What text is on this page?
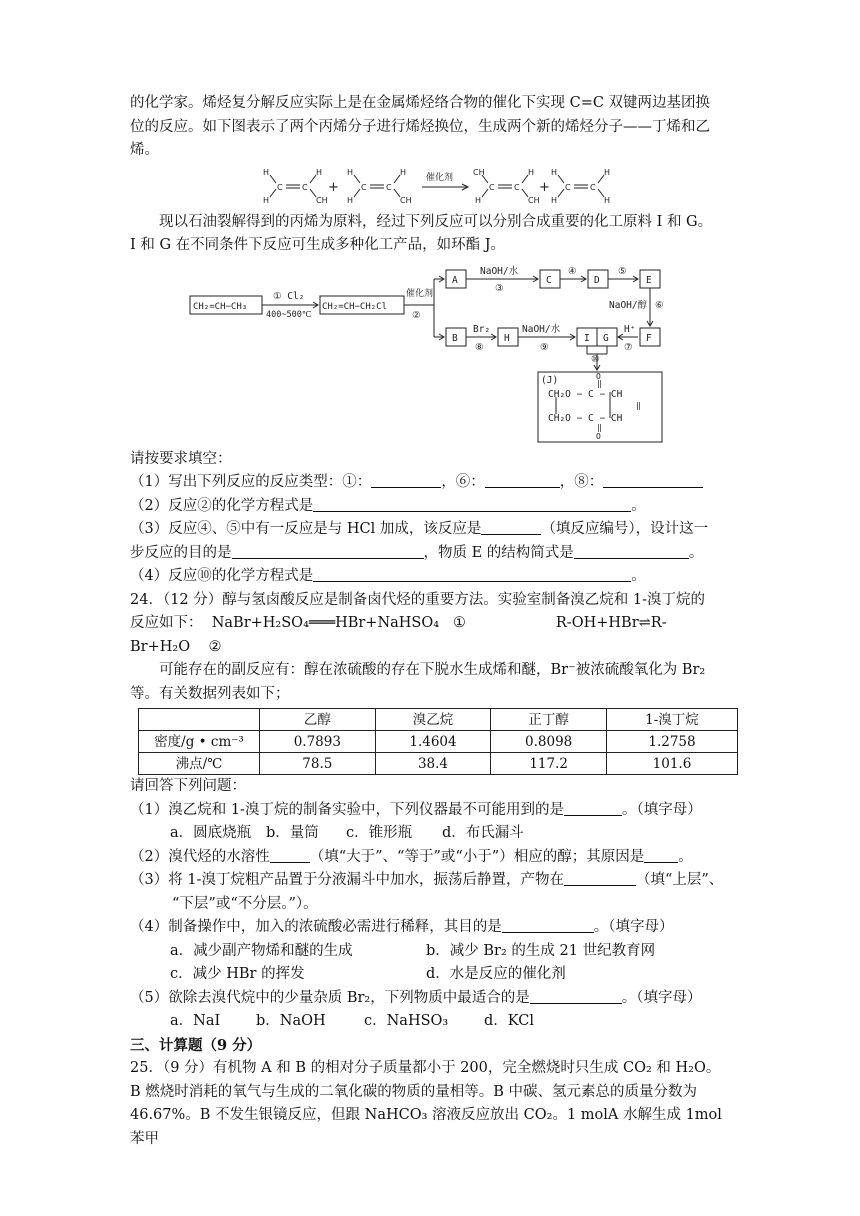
的化学家。烯烃复分解反应实际上是在金属烯烃络合物的催化下实现 C=C 双键两边基团换

位的反应。如下图表示了两个丙烯分子进行烯烃换位，生成两个新的烯烃分子——丁烯和乙

烯。

H
H
C C
H
CH
+
H
H
C C
H
CH
催化剂
CH
H
C C
H
CH
+
H
H
C C
H
H

现以石油裂解得到的丙烯为原料，经过下列反应可以分别合成重要的化工原料 I 和 G。

I 和 G 在不同条件下反应可生成多种化工产品，如环酯 J。

CH₂=CH−CH₃
① Cl₂
400~500℃
CH₂=CH−CH₂Cl
催化剂
②
A	C	D	E
B	H	I G	F
NaOH/水
③
④	⑤
NaOH/醇 ⑥
H⁺
⑦
Br₂
⑧
NaOH/水
⑨
⑩
(J)	O
‖
CH₂O − C − CH
‖
CH₂O − C − CH
‖
O

请按要求填空：

（1）写出下列反应的反应类型：①：	，⑥：	，⑧：

（2）反应②的化学方程式是	。

（3）反应④、⑤中有一反应是与 HCl 加成，该反应是	（填反应编号），设计这一

步反应的目的是	，物质 E 的结构简式是	。

（4）反应⑩的化学方程式是	。

24．（12 分）醇与氢卤酸反应是制备卤代烃的重要方法。实验室制备溴乙烷和 1-溴丁烷的

反应如下： NaBr+H₂SO₄═══HBr+NaHSO₄ ①	R-OH+HBr⇌R-Br+H₂O ②

可能存在的副反应有：醇在浓硫酸的存在下脱水生成烯和醚，Br⁻被浓硫酸氧化为 Br₂

等。有关数据列表如下；

	乙醇	溴乙烷	正丁醇	1-溴丁烷
密度/g • cm⁻³	0.7893	1.4604	0.8098	1.2758
沸点/℃	78.5	38.4	117.2	101.6

请回答下列问题：

（1）溴乙烷和 1-溴丁烷的制备实验中，下列仪器最不可能用到的是	。（填字母）

a．圆底烧瓶 b．量筒 c．锥形瓶 d．布氏漏斗

（2）溴代烃的水溶性	（填“大于”、“等于”或“小于”）相应的醇；其原因是 。

（3）将 1-溴丁烷粗产品置于分液漏斗中加水，振荡后静置，产物在	（填“上层”、

“下层”或“不分层。”）。

（4）制备操作中，加入的浓硫酸必需进行稀释，其目的是	。（填字母）

a．减少副产物烯和醚的生成	b．减少 Br₂ 的生成 21 世纪教育网

c．减少 HBr 的挥发	d．水是反应的催化剂

（5）欲除去溴代烷中的少量杂质 Br₂，下列物质中最适合的是	。（填字母）

a．NaI b．NaOH	c．NaHSO₃ d．KCl

三、计算题（9 分）

25．（9 分）有机物 A 和 B 的相对分子质量都小于 200，完全燃烧时只生成 CO₂ 和 H₂O。

B 燃烧时消耗的氧气与生成的二氧化碳的物质的量相等。B 中碳、氢元素总的质量分数为

46.67%。B 不发生银镜反应，但跟 NaHCO₃ 溶液反应放出 CO₂。1 molA 水解生成 1mol 苯甲
